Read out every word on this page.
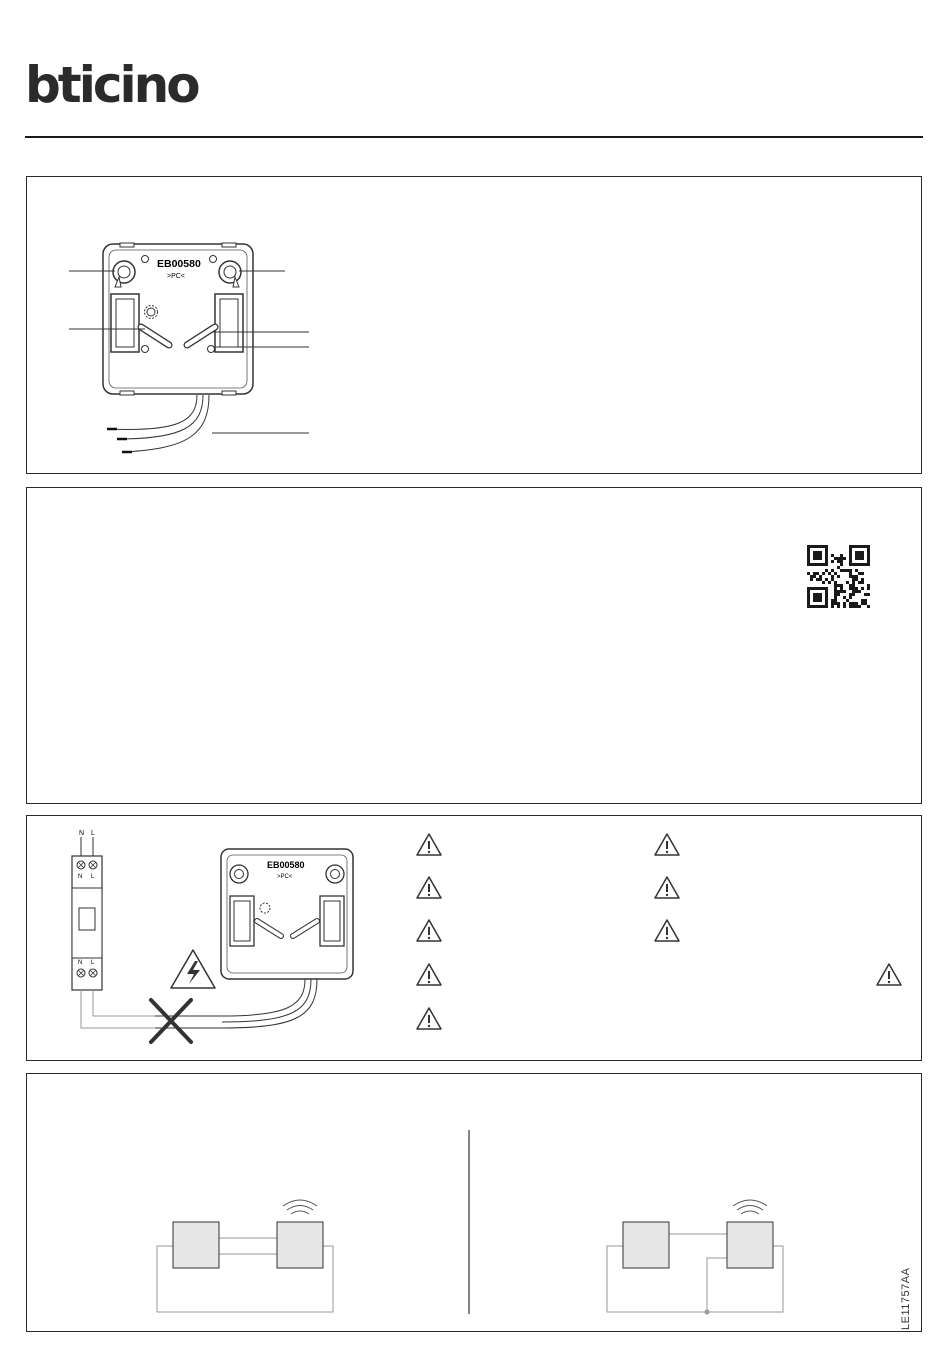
bticino
EB00580
>PC<
N L
N L
N L
EB00580
>PC<
LE11757AA
